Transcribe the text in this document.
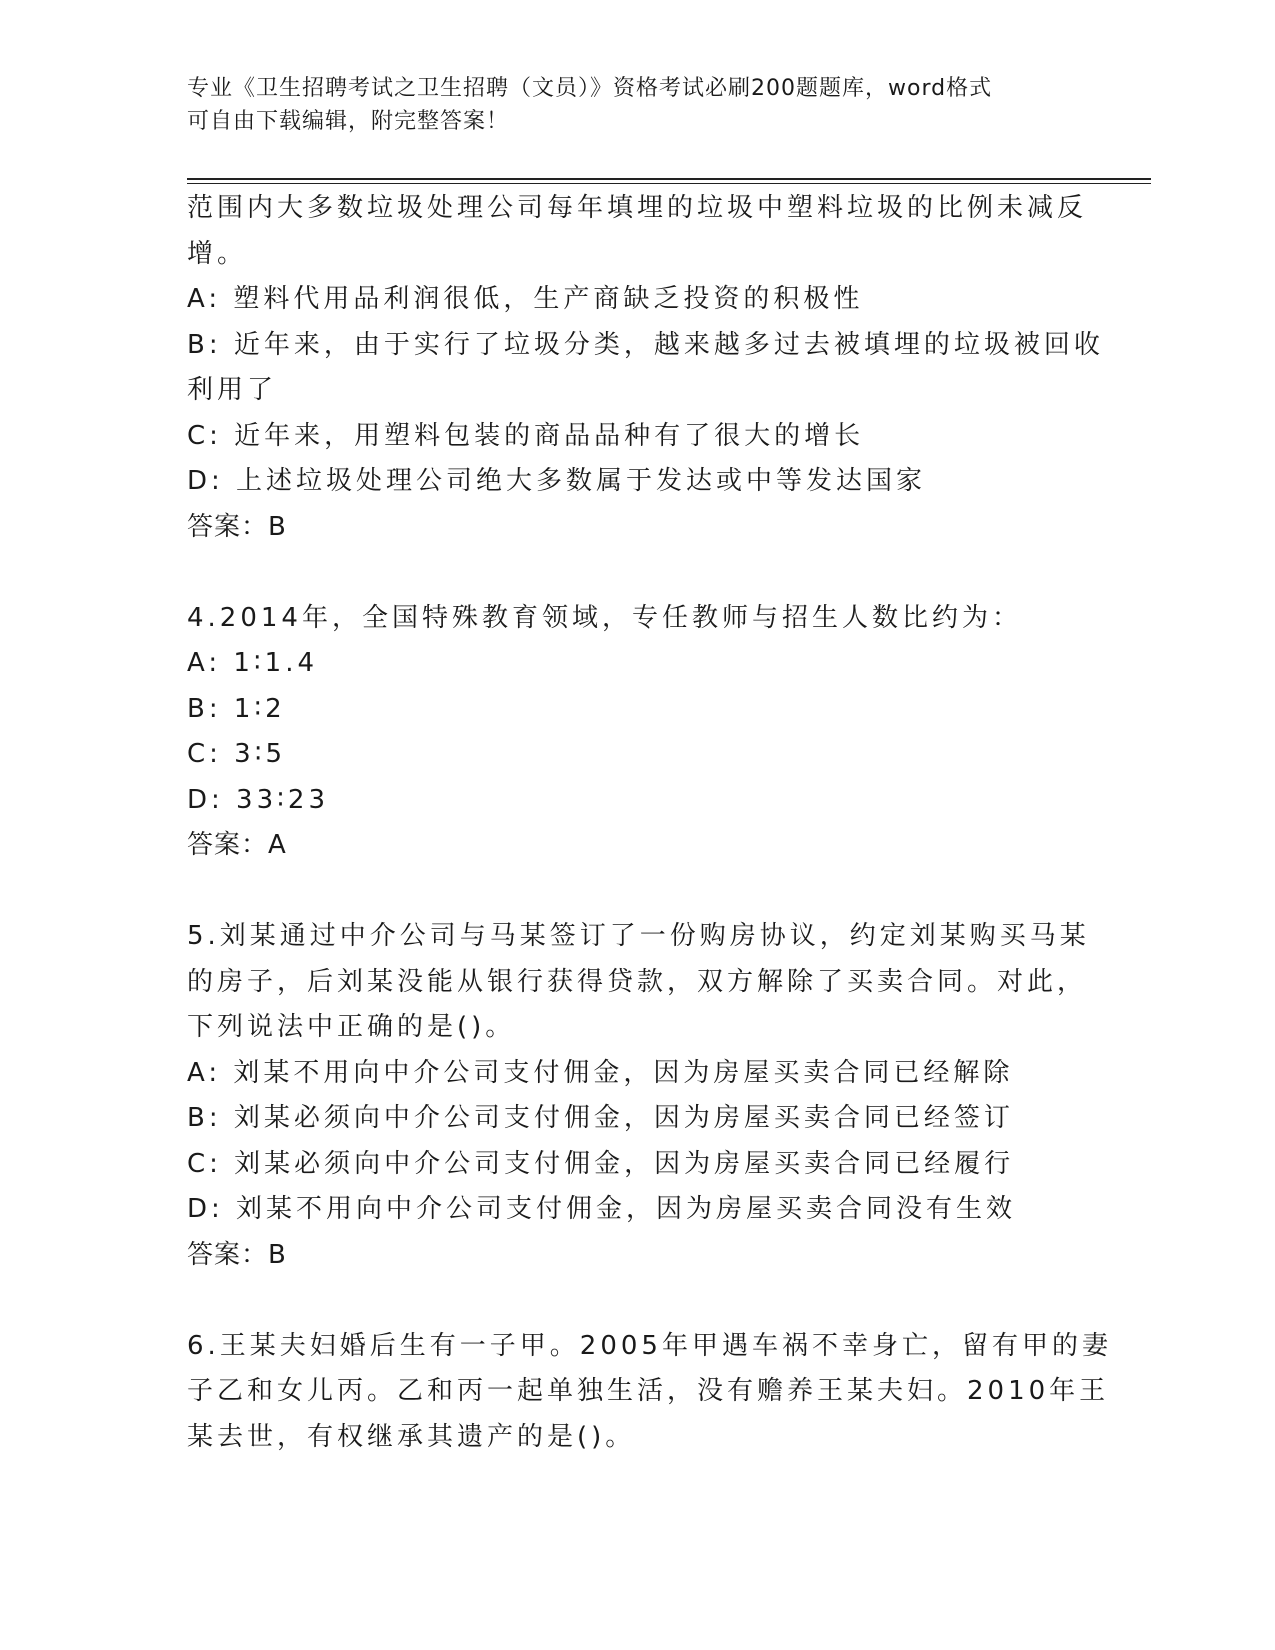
专业《卫生招聘考试之卫生招聘（文员）》资格考试必刷200题题库，word格式
可自由下载编辑，附完整答案！
范围内大多数垃圾处理公司每年填埋的垃圾中塑料垃圾的比例未减反
增。
A: 塑料代用品利润很低，生产商缺乏投资的积极性
B: 近年来，由于实行了垃圾分类，越来越多过去被填埋的垃圾被回收
利用了
C: 近年来，用塑料包装的商品品种有了很大的增长
D: 上述垃圾处理公司绝大多数属于发达或中等发达国家
答案：B
4.2014年，全国特殊教育领域，专任教师与招生人数比约为：
A: 1∶1.4
B: 1∶2
C: 3∶5
D: 33∶23
答案：A
5.刘某通过中介公司与马某签订了一份购房协议，约定刘某购买马某
的房子，后刘某没能从银行获得贷款，双方解除了买卖合同。对此，
下列说法中正确的是()。
A: 刘某不用向中介公司支付佣金，因为房屋买卖合同已经解除
B: 刘某必须向中介公司支付佣金，因为房屋买卖合同已经签订
C: 刘某必须向中介公司支付佣金，因为房屋买卖合同已经履行
D: 刘某不用向中介公司支付佣金，因为房屋买卖合同没有生效
答案：B
6.王某夫妇婚后生有一子甲。2005年甲遇车祸不幸身亡，留有甲的妻
子乙和女儿丙。乙和丙一起单独生活，没有赡养王某夫妇。2010年王
某去世，有权继承其遗产的是()。
